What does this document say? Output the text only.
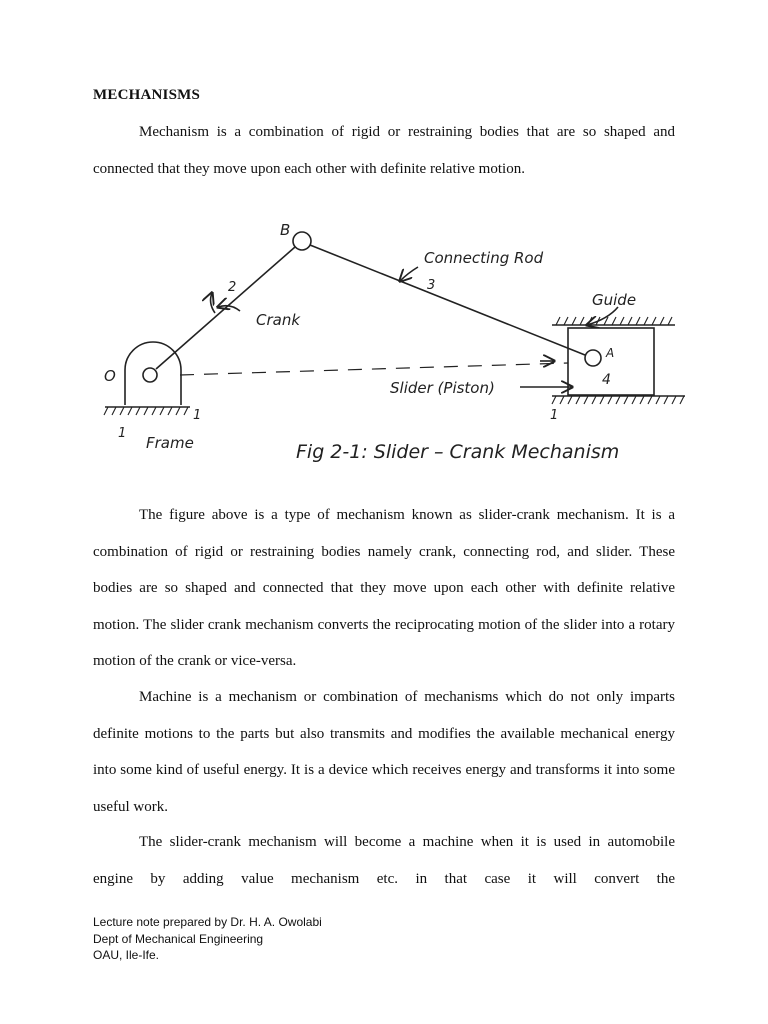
MECHANISMS

Mechanism is a combination of rigid or restraining bodies that are so shaped and connected that they move upon each other with definite relative motion.

O
B
A
2
Crank
3
Connecting Rod
Guide
4
Slider (Piston)
1	1
1
Frame	Fig 2-1: Slider – Crank Mechanism

The figure above is a type of mechanism known as slider-crank mechanism. It is a combination of rigid or restraining bodies namely crank, connecting rod, and slider. These bodies are so shaped and connected that they move upon each other with definite relative motion. The slider crank mechanism converts the reciprocating motion of the slider into a rotary motion of the crank or vice-versa.

Machine is a mechanism or combination of mechanisms which do not only imparts definite motions to the parts but also transmits and modifies the available mechanical energy into some kind of useful energy. It is a device which receives energy and transforms it into some useful work.

The slider-crank mechanism will become a machine when it is used in automobile engine by adding value mechanism etc. in that case it will convert the

Lecture note prepared by Dr. H. A. Owolabi
Dept of Mechanical Engineering
OAU, Ile-Ife.
